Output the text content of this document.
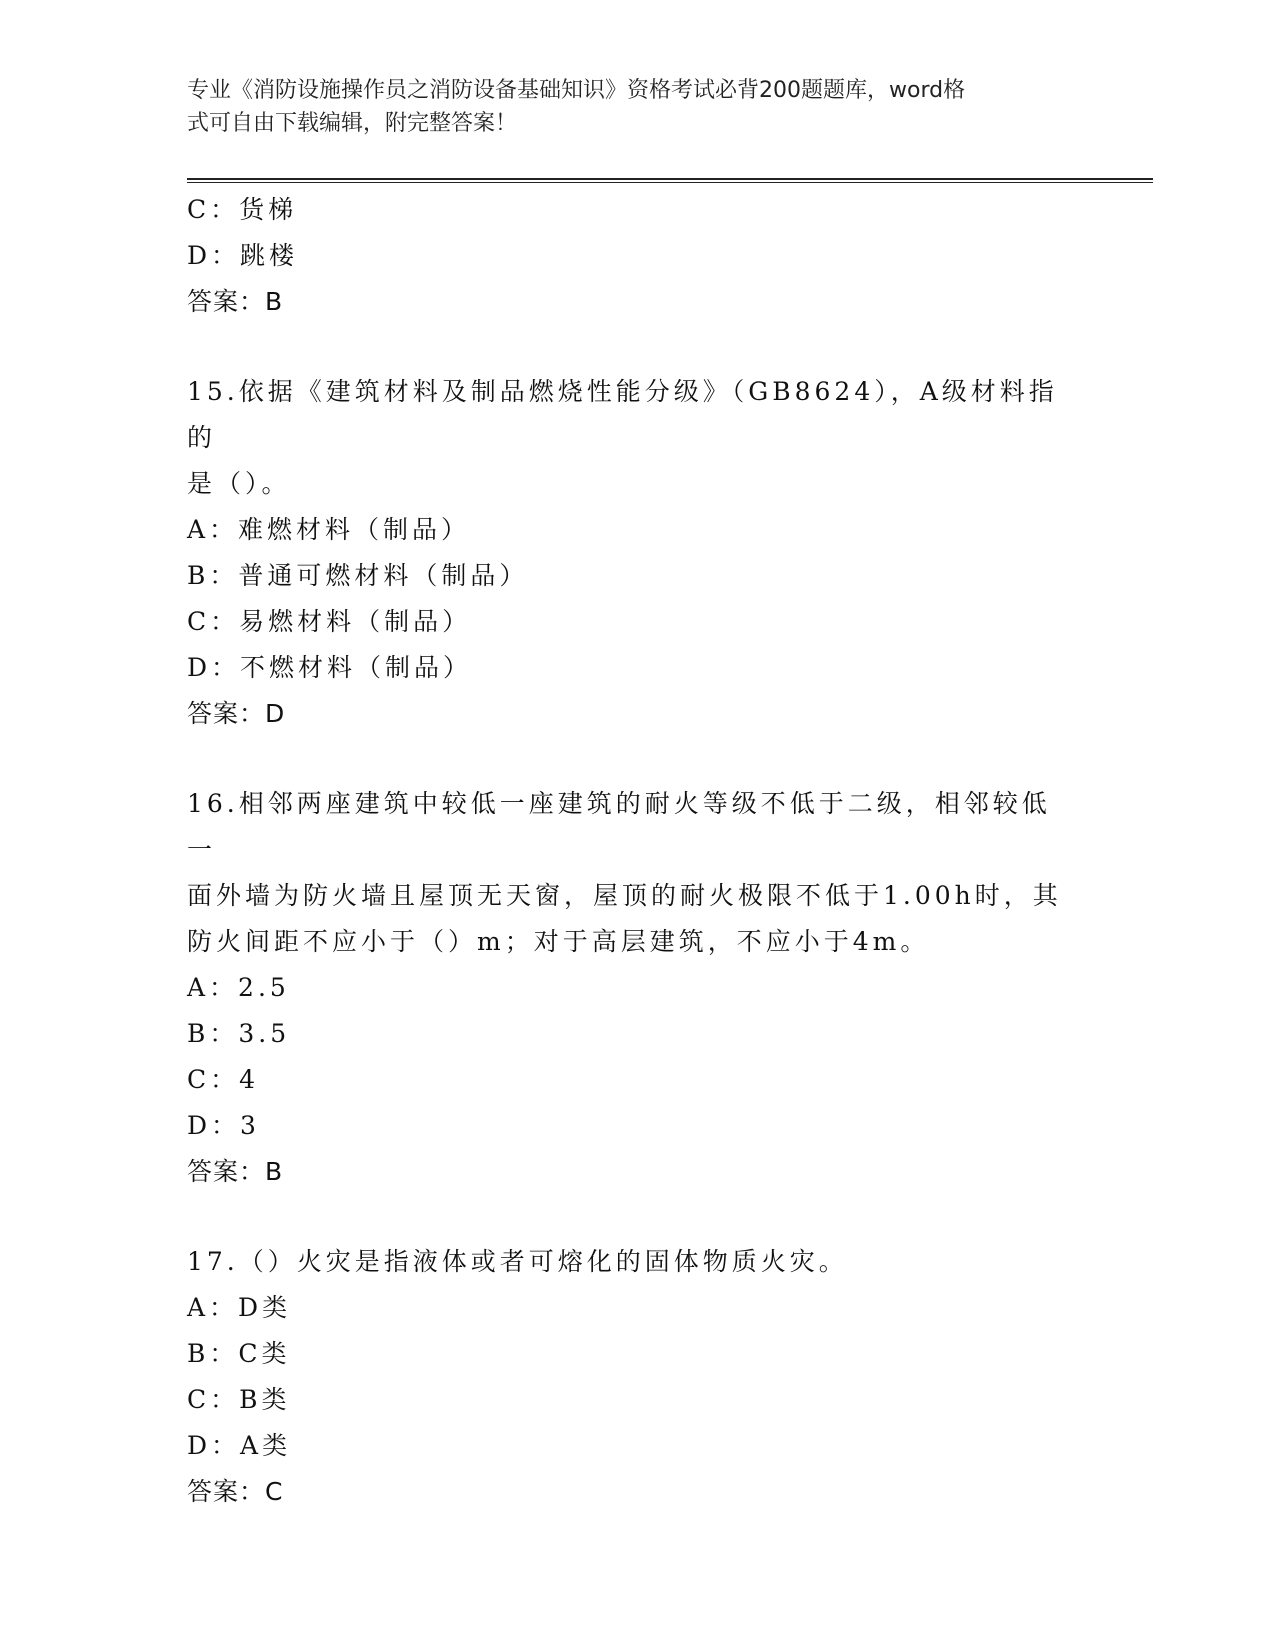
专业《消防设施操作员之消防设备基础知识》资格考试必背200题题库，word格
式可自由下载编辑，附完整答案！
C：货梯
D：跳楼
答案：B
15.依据《建筑材料及制品燃烧性能分级》（GB8624），A级材料指的
是（）。
A：难燃材料（制品）
B：普通可燃材料（制品）
C：易燃材料（制品）
D：不燃材料（制品）
答案：D
16.相邻两座建筑中较低一座建筑的耐火等级不低于二级，相邻较低一
面外墙为防火墙且屋顶无天窗，屋顶的耐火极限不低于1.00h时，其
防火间距不应小于（）m；对于高层建筑，不应小于4m。
A：2.5
B：3.5
C：4
D：3
答案：B
17.（）火灾是指液体或者可熔化的固体物质火灾。
A：D类
B：C类
C：B类
D：A类
答案：C
